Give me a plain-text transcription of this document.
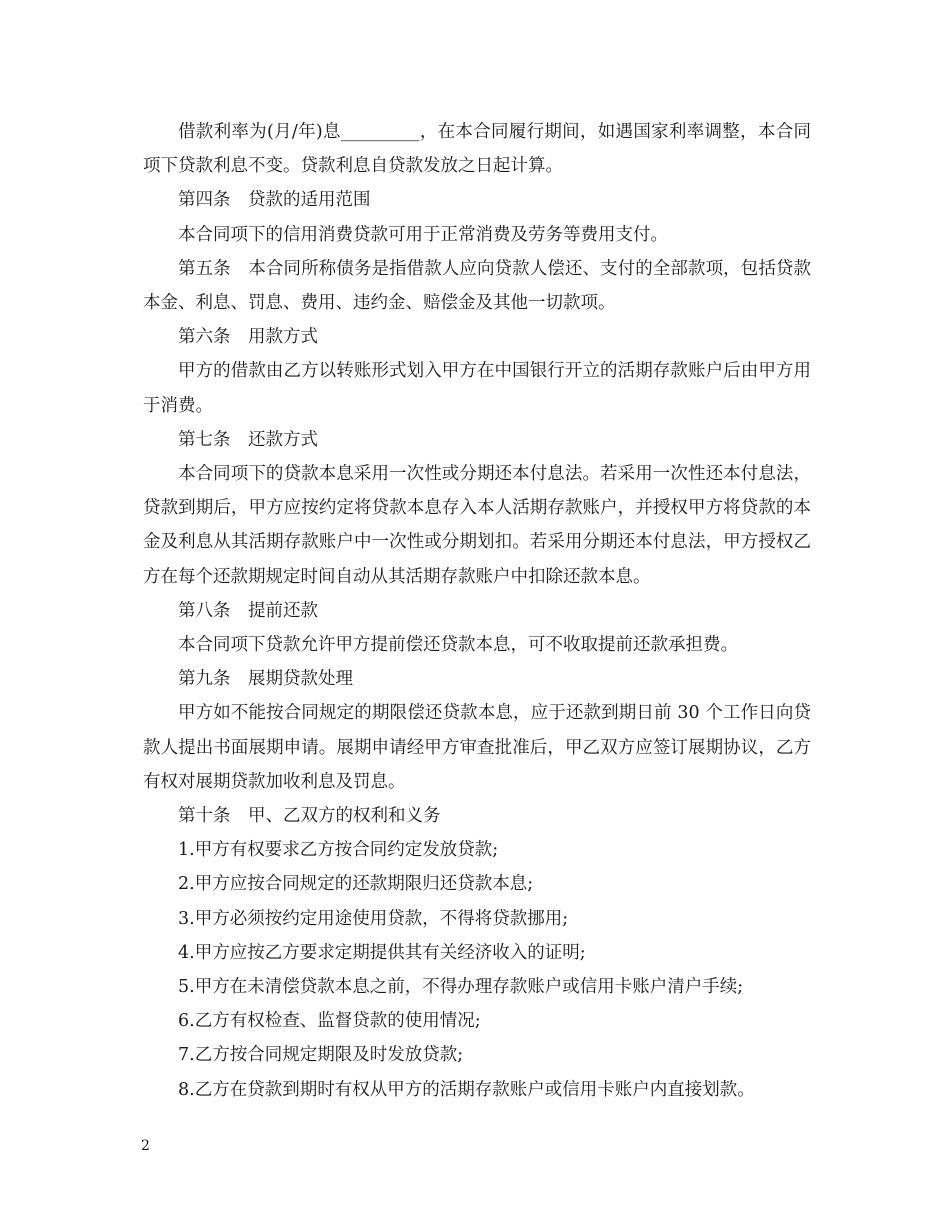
借款利率为(月/年)息_________，在本合同履行期间，如遇国家利率调整，本合同项下贷款利息不变。贷款利息自贷款发放之日起计算。

第四条　贷款的适用范围

本合同项下的信用消费贷款可用于正常消费及劳务等费用支付。

第五条　本合同所称债务是指借款人应向贷款人偿还、支付的全部款项，包括贷款本金、利息、罚息、费用、违约金、赔偿金及其他一切款项。

第六条　用款方式

甲方的借款由乙方以转账形式划入甲方在中国银行开立的活期存款账户后由甲方用于消费。

第七条　还款方式

本合同项下的贷款本息采用一次性或分期还本付息法。若采用一次性还本付息法，贷款到期后，甲方应按约定将贷款本息存入本人活期存款账户，并授权甲方将贷款的本金及利息从其活期存款账户中一次性或分期划扣。若采用分期还本付息法，甲方授权乙方在每个还款期规定时间自动从其活期存款账户中扣除还款本息。

第八条　提前还款

本合同项下贷款允许甲方提前偿还贷款本息，可不收取提前还款承担费。

第九条　展期贷款处理

甲方如不能按合同规定的期限偿还贷款本息，应于还款到期日前 30 个工作日向贷款人提出书面展期申请。展期申请经甲方审查批准后，甲乙双方应签订展期协议，乙方有权对展期贷款加收利息及罚息。

第十条　甲、乙双方的权利和义务

1.甲方有权要求乙方按合同约定发放贷款;

2.甲方应按合同规定的还款期限归还贷款本息;

3.甲方必须按约定用途使用贷款，不得将贷款挪用;

4.甲方应按乙方要求定期提供其有关经济收入的证明;

5.甲方在未清偿贷款本息之前，不得办理存款账户或信用卡账户清户手续;

6.乙方有权检查、监督贷款的使用情况;

7.乙方按合同规定期限及时发放贷款;

8.乙方在贷款到期时有权从甲方的活期存款账户或信用卡账户内直接划款。

2
